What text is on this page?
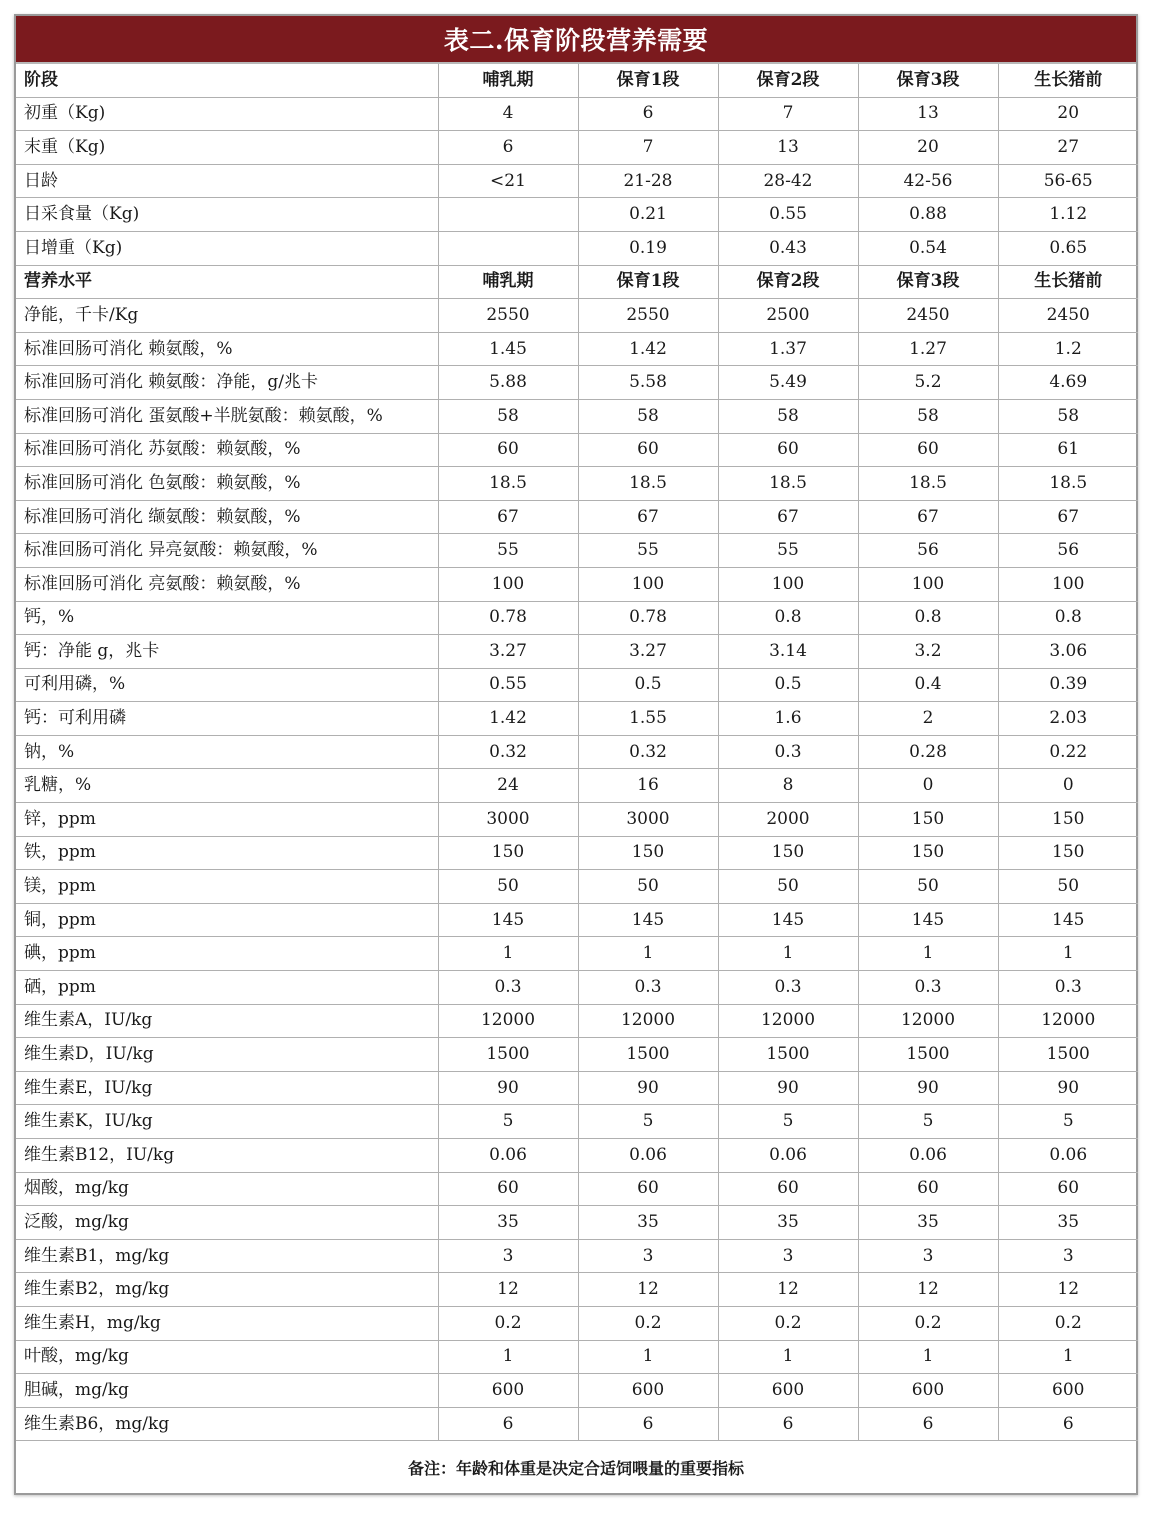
表二.保育阶段营养需要
阶段	哺乳期	保育1段	保育2段	保育3段	生长猪前
初重（Kg)	4	6	7	13	20
末重（Kg)	6	7	13	20	27
日龄	<21	21-28	28-42	42-56	56-65
日采食量（Kg)		0.21	0.55	0.88	1.12
日增重（Kg)		0.19	0.43	0.54	0.65
营养水平	哺乳期	保育1段	保育2段	保育3段	生长猪前
净能，千卡/Kg	2550	2550	2500	2450	2450
标准回肠可消化 赖氨酸，%	1.45	1.42	1.37	1.27	1.2
标准回肠可消化 赖氨酸：净能，g/兆卡	5.88	5.58	5.49	5.2	4.69
标准回肠可消化 蛋氨酸+半胱氨酸：赖氨酸，%	58	58	58	58	58
标准回肠可消化 苏氨酸：赖氨酸，%	60	60	60	60	61
标准回肠可消化 色氨酸：赖氨酸，%	18.5	18.5	18.5	18.5	18.5
标准回肠可消化 缬氨酸：赖氨酸，%	67	67	67	67	67
标准回肠可消化 异亮氨酸：赖氨酸，%	55	55	55	56	56
标准回肠可消化 亮氨酸：赖氨酸，%	100	100	100	100	100
钙，%	0.78	0.78	0.8	0.8	0.8
钙：净能 g，兆卡	3.27	3.27	3.14	3.2	3.06
可利用磷，%	0.55	0.5	0.5	0.4	0.39
钙：可利用磷	1.42	1.55	1.6	2	2.03
钠，%	0.32	0.32	0.3	0.28	0.22
乳糖，%	24	16	8	0	0
锌，ppm	3000	3000	2000	150	150
铁，ppm	150	150	150	150	150
镁，ppm	50	50	50	50	50
铜，ppm	145	145	145	145	145
碘，ppm	1	1	1	1	1
硒，ppm	0.3	0.3	0.3	0.3	0.3
维生素A，IU/kg	12000	12000	12000	12000	12000
维生素D，IU/kg	1500	1500	1500	1500	1500
维生素E，IU/kg	90	90	90	90	90
维生素K，IU/kg	5	5	5	5	5
维生素B12，IU/kg	0.06	0.06	0.06	0.06	0.06
烟酸，mg/kg	60	60	60	60	60
泛酸，mg/kg	35	35	35	35	35
维生素B1，mg/kg	3	3	3	3	3
维生素B2，mg/kg	12	12	12	12	12
维生素H，mg/kg	0.2	0.2	0.2	0.2	0.2
叶酸，mg/kg	1	1	1	1	1
胆碱，mg/kg	600	600	600	600	600
维生素B6，mg/kg	6	6	6	6	6
备注：年龄和体重是决定合适饲喂量的重要指标
